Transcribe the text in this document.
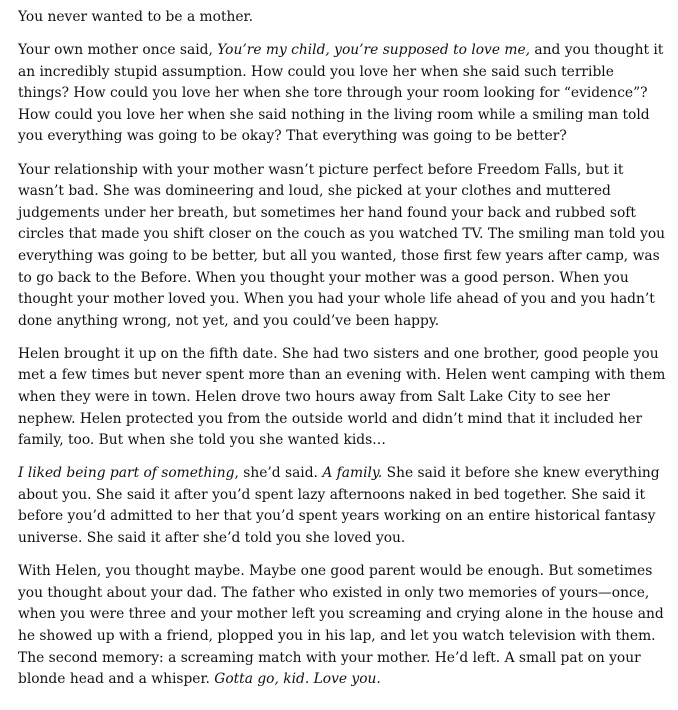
You never wanted to be a mother.

Your own mother once said, You’re my child, you’re supposed to love me, and you thought it
an incredibly stupid assumption. How could you love her when she said such terrible
things? How could you love her when she tore through your room looking for “evidence”?
How could you love her when she said nothing in the living room while a smiling man told
you everything was going to be okay? That everything was going to be better?

Your relationship with your mother wasn’t picture perfect before Freedom Falls, but it
wasn’t bad. She was domineering and loud, she picked at your clothes and muttered
judgements under her breath, but sometimes her hand found your back and rubbed soft
circles that made you shift closer on the couch as you watched TV. The smiling man told you
everything was going to be better, but all you wanted, those first few years after camp, was
to go back to the Before. When you thought your mother was a good person. When you
thought your mother loved you. When you had your whole life ahead of you and you hadn’t
done anything wrong, not yet, and you could’ve been happy.

Helen brought it up on the fifth date. She had two sisters and one brother, good people you
met a few times but never spent more than an evening with. Helen went camping with them
when they were in town. Helen drove two hours away from Salt Lake City to see her
nephew. Helen protected you from the outside world and didn’t mind that it included her
family, too. But when she told you she wanted kids…

I liked being part of something, she’d said. A family. She said it before she knew everything
about you. She said it after you’d spent lazy afternoons naked in bed together. She said it
before you’d admitted to her that you’d spent years working on an entire historical fantasy
universe. She said it after she’d told you she loved you.

With Helen, you thought maybe. Maybe one good parent would be enough. But sometimes
you thought about your dad. The father who existed in only two memories of yours—once,
when you were three and your mother left you screaming and crying alone in the house and
he showed up with a friend, plopped you in his lap, and let you watch television with them.
The second memory: a screaming match with your mother. He’d left. A small pat on your
blonde head and a whisper. Gotta go, kid. Love you.
